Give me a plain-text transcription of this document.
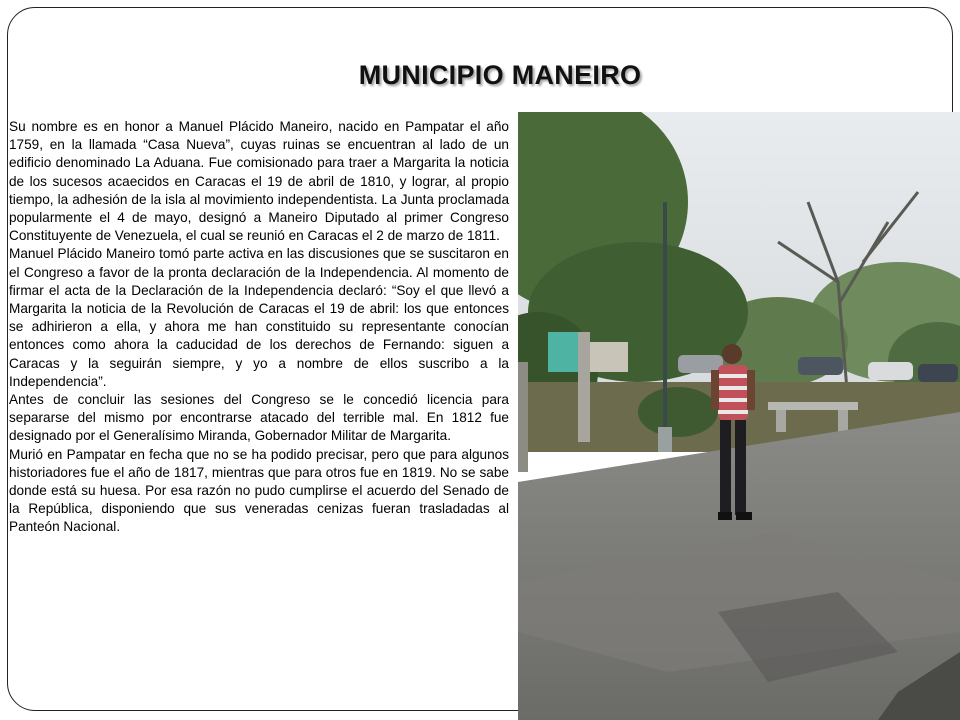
MUNICIPIO MANEIRO

Su nombre es en honor a Manuel Plácido Maneiro, nacido en Pampatar el año 1759, en la llamada “Casa Nueva”, cuyas ruinas se encuentran al lado de un edificio denominado La Aduana. Fue comisionado para traer a Margarita la noticia de los sucesos acaecidos en Caracas el 19 de abril de 1810, y lograr, al propio tiempo, la adhesión de la isla al movimiento independentista. La Junta proclamada popularmente el 4 de mayo, designó a Maneiro Diputado al primer Congreso Constituyente de Venezuela, el cual se reunió en Caracas el 2 de marzo de 1811.

Manuel Plácido Maneiro tomó parte activa en las discusiones que se suscitaron en el Congreso a favor de la pronta declaración de la Independencia. Al momento de firmar el acta de la Declaración de la Independencia declaró: “Soy el que llevó a Margarita la noticia de la Revolución de Caracas el 19 de abril: los que entonces se adhirieron a ella, y ahora me han constituido su representante conocían entonces como ahora la caducidad de los derechos de Fernando: siguen a Caracas y la seguirán siempre, y yo a nombre de ellos suscribo a la Independencia”.

Antes de concluir las sesiones del Congreso se le concedió licencia para separarse del mismo por encontrarse atacado del terrible mal. En 1812 fue designado por el Generalísimo Miranda, Gobernador Militar de Margarita.

Murió en Pampatar en fecha que no se ha podido precisar, pero que para algunos historiadores fue el año de 1817, mientras que para otros fue en 1819. No se sabe donde está su huesa. Por esa razón no pudo cumplirse el acuerdo del Senado de la República, disponiendo que sus veneradas cenizas fueran trasladadas al Panteón Nacional.
